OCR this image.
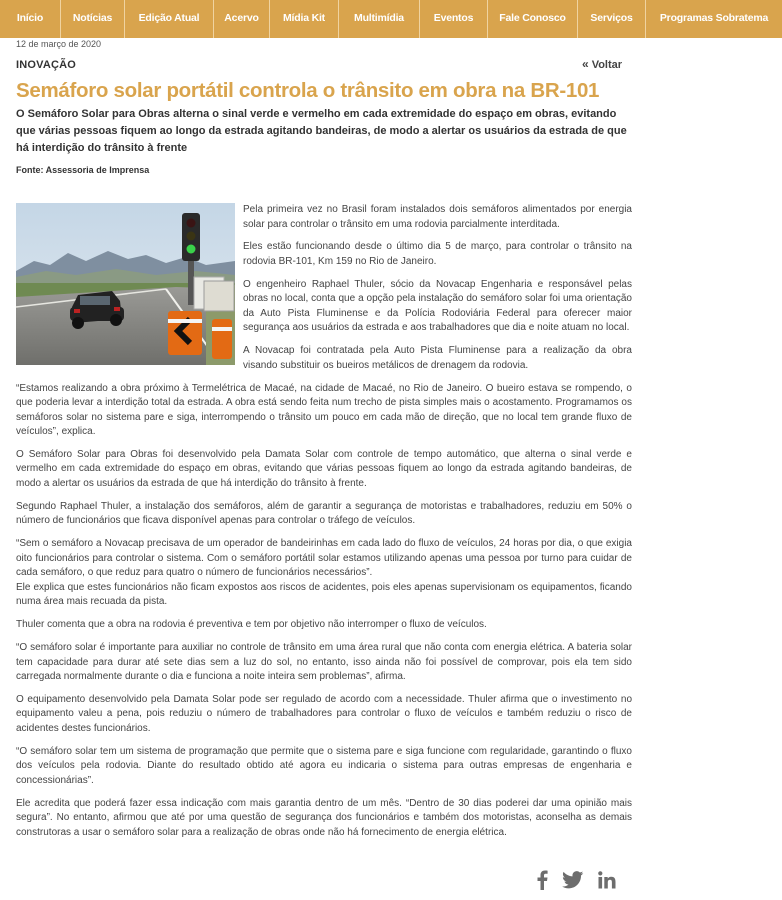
Início	Notícias	Edição Atual	Acervo	Mídia Kit	Multimídia	Eventos	Fale Conosco	Serviços	Programas Sobratema
12 de março de 2020
INOVAÇÃO	« Voltar
Semáforo solar portátil controla o trânsito em obra na BR-101
O Semáforo Solar para Obras alterna o sinal verde e vermelho em cada extremidade do espaço em obras, evitando que várias pessoas fiquem ao longo da estrada agitando bandeiras, de modo a alertar os usuários da estrada de que há interdição do trânsito à frente
Fonte: Assessoria de Imprensa

Pela primeira vez no Brasil foram instalados dois semáforos alimentados por energia solar para controlar o trânsito em uma rodovia parcialmente interditada.

Eles estão funcionando desde o último dia 5 de março, para controlar o trânsito na rodovia BR-101, Km 159 no Rio de Janeiro.

O engenheiro Raphael Thuler, sócio da Novacap Engenharia e responsável pelas obras no local, conta que a opção pela instalação do semáforo solar foi uma orientação da Auto Pista Fluminense e da Polícia Rodoviária Federal para oferecer maior segurança aos usuários da estrada e aos trabalhadores que dia e noite atuam no local.

A Novacap foi contratada pela Auto Pista Fluminense para a realização da obra visando substituir os bueiros metálicos de drenagem da rodovia.

“Estamos realizando a obra próximo à Termelétrica de Macaé, na cidade de Macaé, no Rio de Janeiro. O bueiro estava se rompendo, o que poderia levar a interdição total da estrada. A obra está sendo feita num trecho de pista simples mais o acostamento. Programamos os semáforos solar no sistema pare e siga, interrompendo o trânsito um pouco em cada mão de direção, que no local tem grande fluxo de veículos”, explica.

O Semáforo Solar para Obras foi desenvolvido pela Damata Solar com controle de tempo automático, que alterna o sinal verde e vermelho em cada extremidade do espaço em obras, evitando que várias pessoas fiquem ao longo da estrada agitando bandeiras, de modo a alertar os usuários da estrada de que há interdição do trânsito à frente.

Segundo Raphael Thuler, a instalação dos semáforos, além de garantir a segurança de motoristas e trabalhadores, reduziu em 50% o número de funcionários que ficava disponível apenas para controlar o tráfego de veículos.

“Sem o semáforo a Novacap precisava de um operador de bandeirinhas em cada lado do fluxo de veículos, 24 horas por dia, o que exigia oito funcionários para controlar o sistema. Com o semáforo portátil solar estamos utilizando apenas uma pessoa por turno para cuidar de cada semáforo, o que reduz para quatro o número de funcionários necessários”.
Ele explica que estes funcionários não ficam expostos aos riscos de acidentes, pois eles apenas supervisionam os equipamentos, ficando numa área mais recuada da pista.

Thuler comenta que a obra na rodovia é preventiva e tem por objetivo não interromper o fluxo de veículos.

“O semáforo solar é importante para auxiliar no controle de trânsito em uma área rural que não conta com energia elétrica. A bateria solar tem capacidade para durar até sete dias sem a luz do sol, no entanto, isso ainda não foi possível de comprovar, pois ela tem sido carregada normalmente durante o dia e funciona a noite inteira sem problemas”, afirma.

O equipamento desenvolvido pela Damata Solar pode ser regulado de acordo com a necessidade. Thuler afirma que o investimento no equipamento valeu a pena, pois reduziu o número de trabalhadores para controlar o fluxo de veículos e também reduziu o risco de acidentes destes funcionários.

“O semáforo solar tem um sistema de programação que permite que o sistema pare e siga funcione com regularidade, garantindo o fluxo dos veículos pela rodovia. Diante do resultado obtido até agora eu indicaria o sistema para outras empresas de engenharia e concessionárias”.

Ele acredita que poderá fazer essa indicação com mais garantia dentro de um mês. “Dentro de 30 dias poderei dar uma opinião mais segura”. No entanto, afirmou que até por uma questão de segurança dos funcionários e também dos motoristas, aconselha as demais construtoras a usar o semáforo solar para a realização de obras onde não há fornecimento de energia elétrica.
